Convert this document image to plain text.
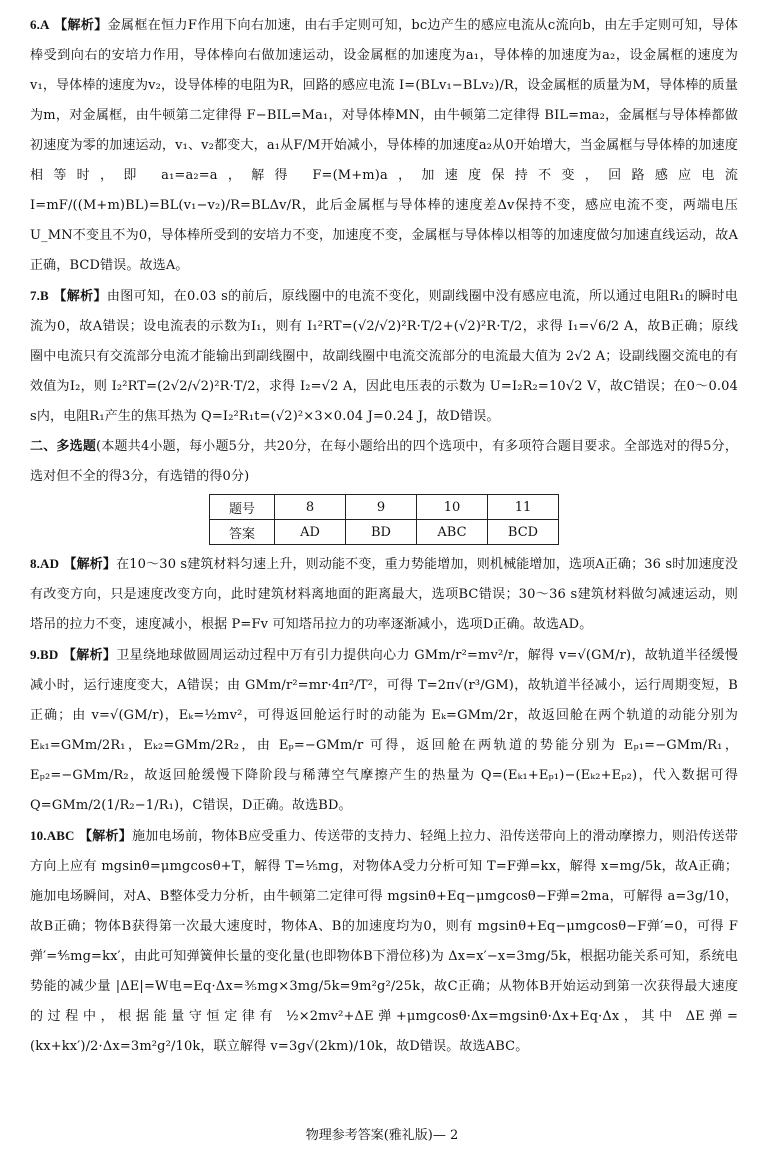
6.A 【解析】金属框在恒力F作用下向右加速，由右手定则可知，bc边产生的感应电流从c流向b，由左手定则可知，导体棒受到向右的安培力作用，导体棒向右做加速运动，设金属框的加速度为a₁，导体棒的加速度为a₂，设金属框的速度为v₁，导体棒的速度为v₂，设导体棒的电阻为R，回路的感应电流 I=(BLv₁−BLv₂)/R，设金属框的质量为M，导体棒的质量为m，对金属框，由牛顿第二定律得 F−BIL=Ma₁，对导体棒MN，由牛顿第二定律得 BIL=ma₂，金属框与导体棒都做初速度为零的加速运动，v₁、v₂都变大，a₁从F/M开始减小，导体棒的加速度a₂从0开始增大，当金属框与导体棒的加速度相等时，即 a₁=a₂=a，解得 F=(M+m)a，加速度保持不变，回路感应电流 I=mF/((M+m)BL)=BL(v₁−v₂)/R=BLΔv/R，此后金属框与导体棒的速度差Δv保持不变，感应电流不变，两端电压U_MN不变且不为0，导体棒所受到的安培力不变，加速度不变，金属框与导体棒以相等的加速度做匀加速直线运动，故A正确，BCD错误。故选A。

7.B 【解析】由图可知，在0.03 s的前后，原线圈中的电流不变化，则副线圈中没有感应电流，所以通过电阻R₁的瞬时电流为0，故A错误；设电流表的示数为I₁，则有 I₁²RT=(√2/√2)²R·T/2+(√2)²R·T/2，求得 I₁=√6/2 A，故B正确；原线圈中电流只有交流部分电流才能输出到副线圈中，故副线圈中电流交流部分的电流最大值为 2√2 A；设副线圈交流电的有效值为I₂，则 I₂²RT=(2√2/√2)²R·T/2，求得 I₂=√2 A，因此电压表的示数为 U=I₂R₂=10√2 V，故C错误；在0～0.04 s内，电阻R₁产生的焦耳热为 Q=I₂²R₁t=(√2)²×3×0.04 J=0.24 J，故D错误。

二、多选题(本题共4小题，每小题5分，共20分，在每小题给出的四个选项中，有多项符合题目要求。全部选对的得5分，选对但不全的得3分，有选错的得0分)

题号	8	9	10	11
答案	AD	BD	ABC	BCD

8.AD 【解析】在10～30 s建筑材料匀速上升，则动能不变，重力势能增加，则机械能增加，选项A正确；36 s时加速度没有改变方向，只是速度改变方向，此时建筑材料离地面的距离最大，选项BC错误；30～36 s建筑材料做匀减速运动，则塔吊的拉力不变，速度减小，根据 P=Fv 可知塔吊拉力的功率逐渐减小，选项D正确。故选AD。

9.BD 【解析】卫星绕地球做圆周运动过程中万有引力提供向心力 GMm/r²=mv²/r，解得 v=√(GM/r)，故轨道半径缓慢减小时，运行速度变大，A错误；由 GMm/r²=mr·4π²/T²，可得 T=2π√(r³/GM)，故轨道半径减小，运行周期变短，B正确；由 v=√(GM/r)，Eₖ=½mv²，可得返回舱运行时的动能为 Eₖ=GMm/2r，故返回舱在两个轨道的动能分别为 Eₖ₁=GMm/2R₁，Eₖ₂=GMm/2R₂，由 Eₚ=−GMm/r 可得，返回舱在两轨道的势能分别为 Eₚ₁=−GMm/R₁，Eₚ₂=−GMm/R₂，故返回舱缓慢下降阶段与稀薄空气摩擦产生的热量为 Q=(Eₖ₁+Eₚ₁)−(Eₖ₂+Eₚ₂)，代入数据可得 Q=GMm/2(1/R₂−1/R₁)，C错误，D正确。故选BD。

10.ABC 【解析】施加电场前，物体B应受重力、传送带的支持力、轻绳上拉力、沿传送带向上的滑动摩擦力，则沿传送带方向上应有 mgsinθ=μmgcosθ+T，解得 T=⅕mg，对物体A受力分析可知 T=F弹=kx，解得 x=mg/5k，故A正确；施加电场瞬间，对A、B整体受力分析，由牛顿第二定律可得 mgsinθ+Eq−μmgcosθ−F弹=2ma，可解得 a=3g/10，故B正确；物体B获得第一次最大速度时，物体A、B的加速度均为0，则有 mgsinθ+Eq−μmgcosθ−F弹′=0，可得 F弹′=⅘mg=kx′，由此可知弹簧伸长量的变化量(也即物体B下滑位移)为 Δx=x′−x=3mg/5k，根据功能关系可知，系统电势能的减少量 |ΔE|=W电=Eq·Δx=⅗mg×3mg/5k=9m²g²/25k，故C正确；从物体B开始运动到第一次获得最大速度的过程中，根据能量守恒定律有 ½×2mv²+ΔE弹+μmgcosθ·Δx=mgsinθ·Δx+Eq·Δx，其中 ΔE弹=(kx+kx′)/2·Δx=3m²g²/10k，联立解得 v=3g√(2km)/10k，故D错误。故选ABC。

物理参考答案(雅礼版)— 2
